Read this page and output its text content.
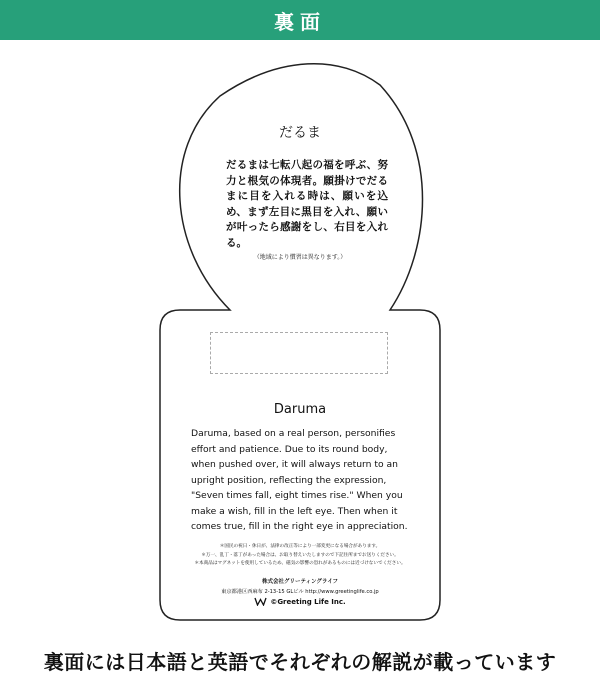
裏面
だるま
だるまは七転八起の福を呼ぶ、努力と根気の体現者。願掛けでだるまに目を入れる時は、願いを込め、まず左目に黒目を入れ、願いが叶ったら感謝をし、右目を入れる。
（地域により慣習は異なります。）
Daruma
Daruma, based on a real person, personifies effort and patience. Due to its round body, when pushed over, it will always return to an upright position, reflecting the expression, "Seven times fall, eight times rise." When you make a wish, fill in the left eye. Then when it comes true, fill in the right eye in appreciation.
＊国民の祝日・休日が、法律の改正等により一部変更になる場合があります。
＊万一、乱丁・落丁があった場合は、お取り替えいたしますので下記住所までお送りください。
＊本商品はマグネットを使用しているため、磁気の影響の恐れがあるものには近づけないでください。
株式会社グリーティングライフ
東京都港区西麻布 2-13-15 GLビル http://www.greetinglife.co.jp
©Greeting Life Inc.
裏面には日本語と英語でそれぞれの解説が載っています
